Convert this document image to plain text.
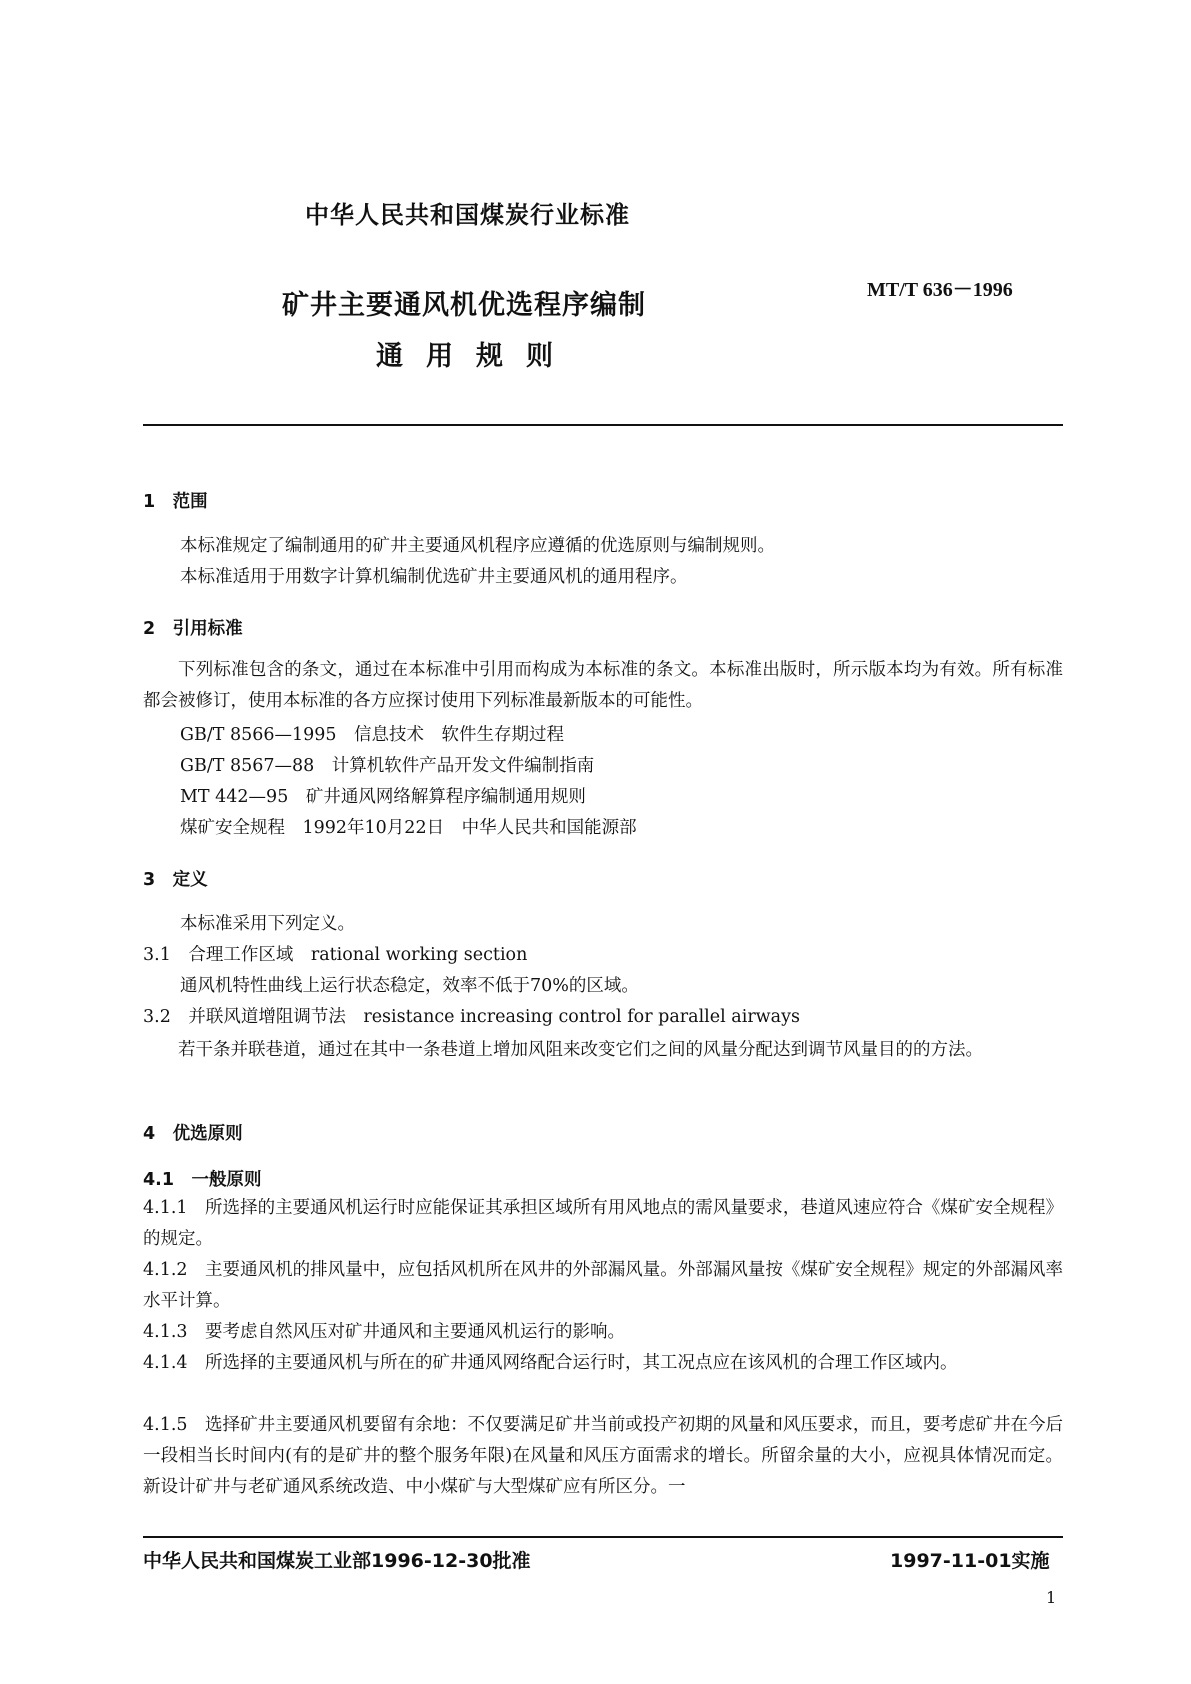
中华人民共和国煤炭行业标准
MT/T 636－1996
矿井主要通风机优选程序编制
通用规则
1　范围
本标准规定了编制通用的矿井主要通风机程序应遵循的优选原则与编制规则。
本标准适用于用数字计算机编制优选矿井主要通风机的通用程序。
2　引用标准
下列标准包含的条文，通过在本标准中引用而构成为本标准的条文。本标准出版时，所示版本均为有效。所有标准都会被修订，使用本标准的各方应探讨使用下列标准最新版本的可能性。
GB/T 8566—1995　信息技术　软件生存期过程
GB/T 8567—88　计算机软件产品开发文件编制指南
MT 442—95　矿井通风网络解算程序编制通用规则
煤矿安全规程　1992年10月22日　中华人民共和国能源部
3　定义
本标准采用下列定义。
3.1　合理工作区域　rational working section
通风机特性曲线上运行状态稳定，效率不低于70%的区域。
3.2　并联风道增阻调节法　resistance increasing control for parallel airways
若干条并联巷道，通过在其中一条巷道上增加风阻来改变它们之间的风量分配达到调节风量目的的方法。
4　优选原则
4.1　一般原则
4.1.1　所选择的主要通风机运行时应能保证其承担区域所有用风地点的需风量要求，巷道风速应符合《煤矿安全规程》的规定。
4.1.2　主要通风机的排风量中，应包括风机所在风井的外部漏风量。外部漏风量按《煤矿安全规程》规定的外部漏风率水平计算。
4.1.3　要考虑自然风压对矿井通风和主要通风机运行的影响。
4.1.4　所选择的主要通风机与所在的矿井通风网络配合运行时，其工况点应在该风机的合理工作区域内。
4.1.5　选择矿井主要通风机要留有余地：不仅要满足矿井当前或投产初期的风量和风压要求，而且，要考虑矿井在今后一段相当长时间内(有的是矿井的整个服务年限)在风量和风压方面需求的增长。所留余量的大小，应视具体情况而定。新设计矿井与老矿通风系统改造、中小煤矿与大型煤矿应有所区分。一
中华人民共和国煤炭工业部1996-12-30批准	1997-11-01实施
1
